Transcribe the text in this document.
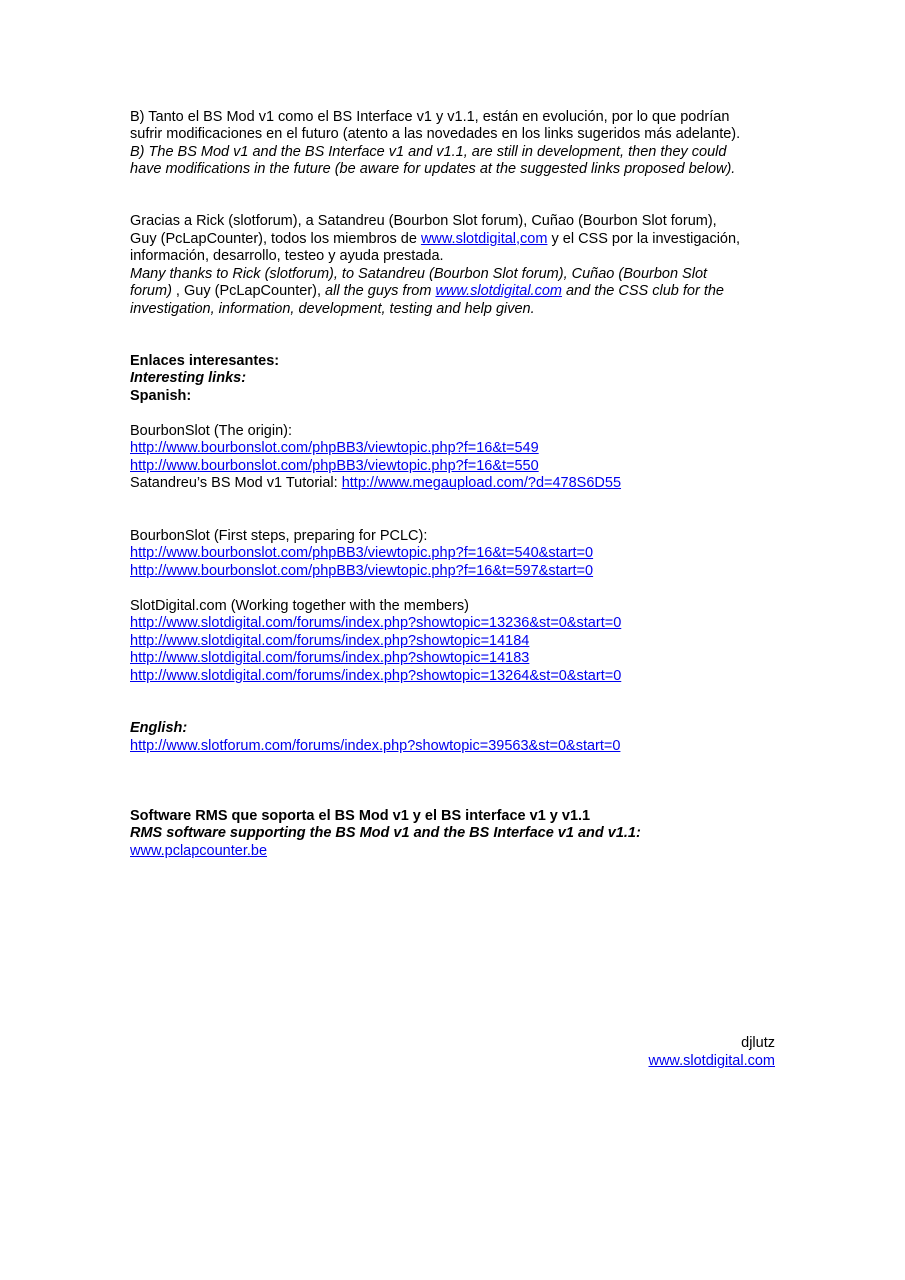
B) Tanto el BS Mod v1 como el BS Interface v1 y v1.1, están en evolución, por lo que podrían
sufrir modificaciones en el futuro (atento a las novedades en los links sugeridos más adelante).
B) The BS Mod v1 and the BS Interface v1 and v1.1, are still in development, then they could
have modifications in the future (be aware for updates at the suggested links proposed below).
Gracias a Rick (slotforum), a Satandreu (Bourbon Slot forum), Cuñao (Bourbon Slot forum),
Guy (PcLapCounter), todos los miembros de www.slotdigital,com y el CSS por la investigación,
información, desarrollo, testeo y ayuda prestada.
Many thanks to Rick (slotforum), to Satandreu (Bourbon Slot forum), Cuñao (Bourbon Slot
forum) , Guy (PcLapCounter), all the guys from www.slotdigital.com and the CSS club for the
investigation, information, development, testing and help given.
Enlaces interesantes:
Interesting links:
Spanish:
BourbonSlot (The origin):
http://www.bourbonslot.com/phpBB3/viewtopic.php?f=16&t=549
http://www.bourbonslot.com/phpBB3/viewtopic.php?f=16&t=550
Satandreu’s BS Mod v1 Tutorial: http://www.megaupload.com/?d=478S6D55
BourbonSlot (First steps, preparing for PCLC):
http://www.bourbonslot.com/phpBB3/viewtopic.php?f=16&t=540&start=0
http://www.bourbonslot.com/phpBB3/viewtopic.php?f=16&t=597&start=0
SlotDigital.com (Working together with the members)
http://www.slotdigital.com/forums/index.php?showtopic=13236&st=0&start=0
http://www.slotdigital.com/forums/index.php?showtopic=14184
http://www.slotdigital.com/forums/index.php?showtopic=14183
http://www.slotdigital.com/forums/index.php?showtopic=13264&st=0&start=0
English:
http://www.slotforum.com/forums/index.php?showtopic=39563&st=0&start=0
Software RMS que soporta el BS Mod v1 y el BS interface v1 y v1.1
RMS software supporting the BS Mod v1 and the BS Interface v1 and v1.1:
www.pclapcounter.be
djlutz
www.slotdigital.com
